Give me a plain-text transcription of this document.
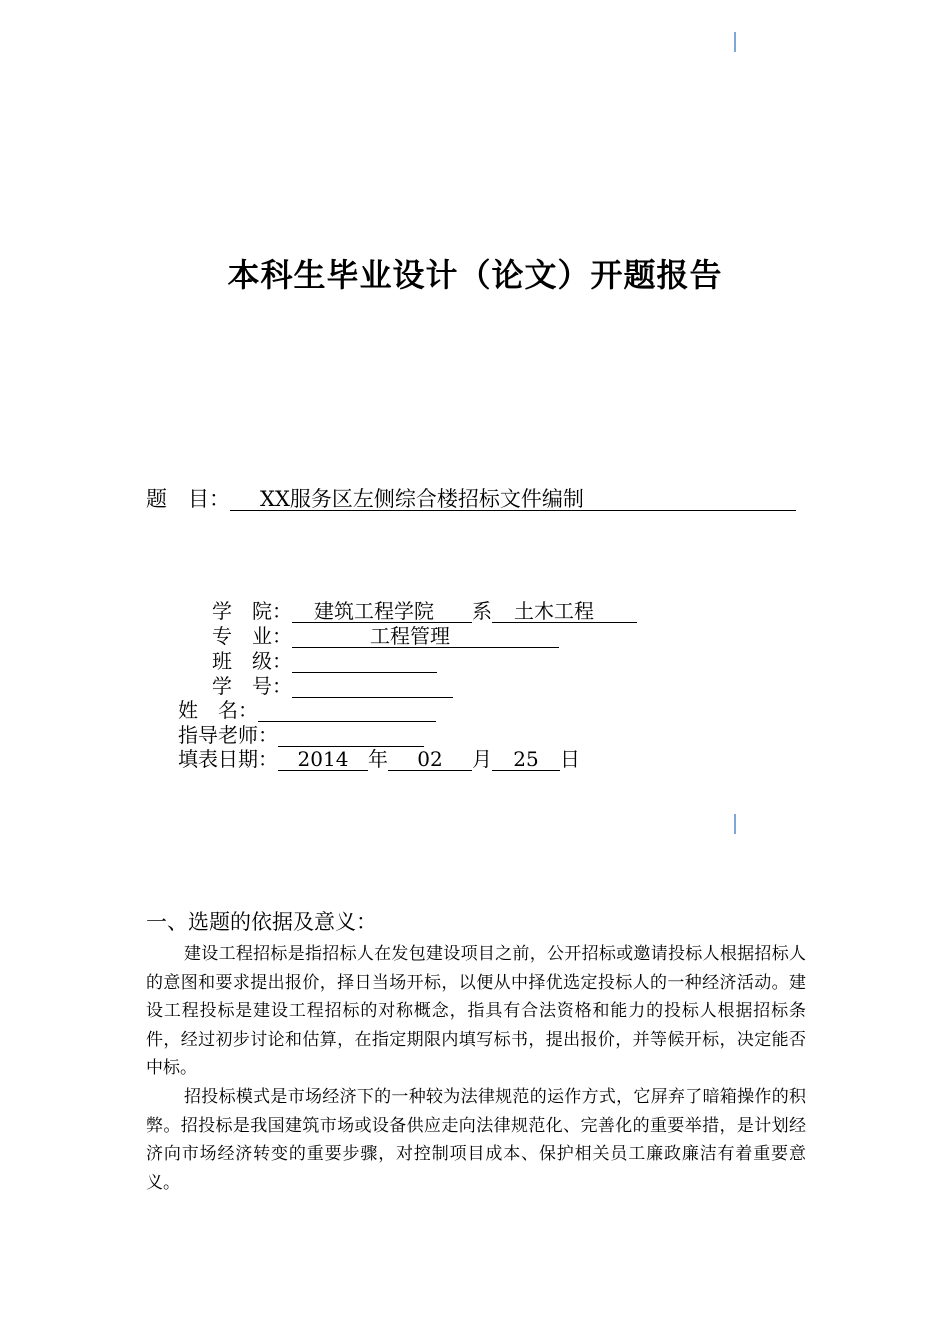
本科生毕业设计（论文）开题报告
题　目： XX服务区左侧综合楼招标文件编制
学　院： 建筑工程学院 系 土木工程
专　业：	工程管理
班　级：
学　号：
姓　名：
指导老师：
填表日期： 2014 年 02 月 25 日
一、选题的依据及意义：
建设工程招标是指招标人在发包建设项目之前，公开招标或邀请投标人根据招标人的意图和要求提出报价，择日当场开标，以便从中择优选定投标人的一种经济活动。建设工程投标是建设工程招标的对称概念，指具有合法资格和能力的投标人根据招标条件，经过初步讨论和估算，在指定期限内填写标书，提出报价，并等候开标，决定能否中标。
招投标模式是市场经济下的一种较为法律规范的运作方式，它屏弃了暗箱操作的积弊。招投标是我国建筑市场或设备供应走向法律规范化、完善化的重要举措，是计划经济向市场经济转变的重要步骤，对控制项目成本、保护相关员工廉政廉洁有着重要意义。
